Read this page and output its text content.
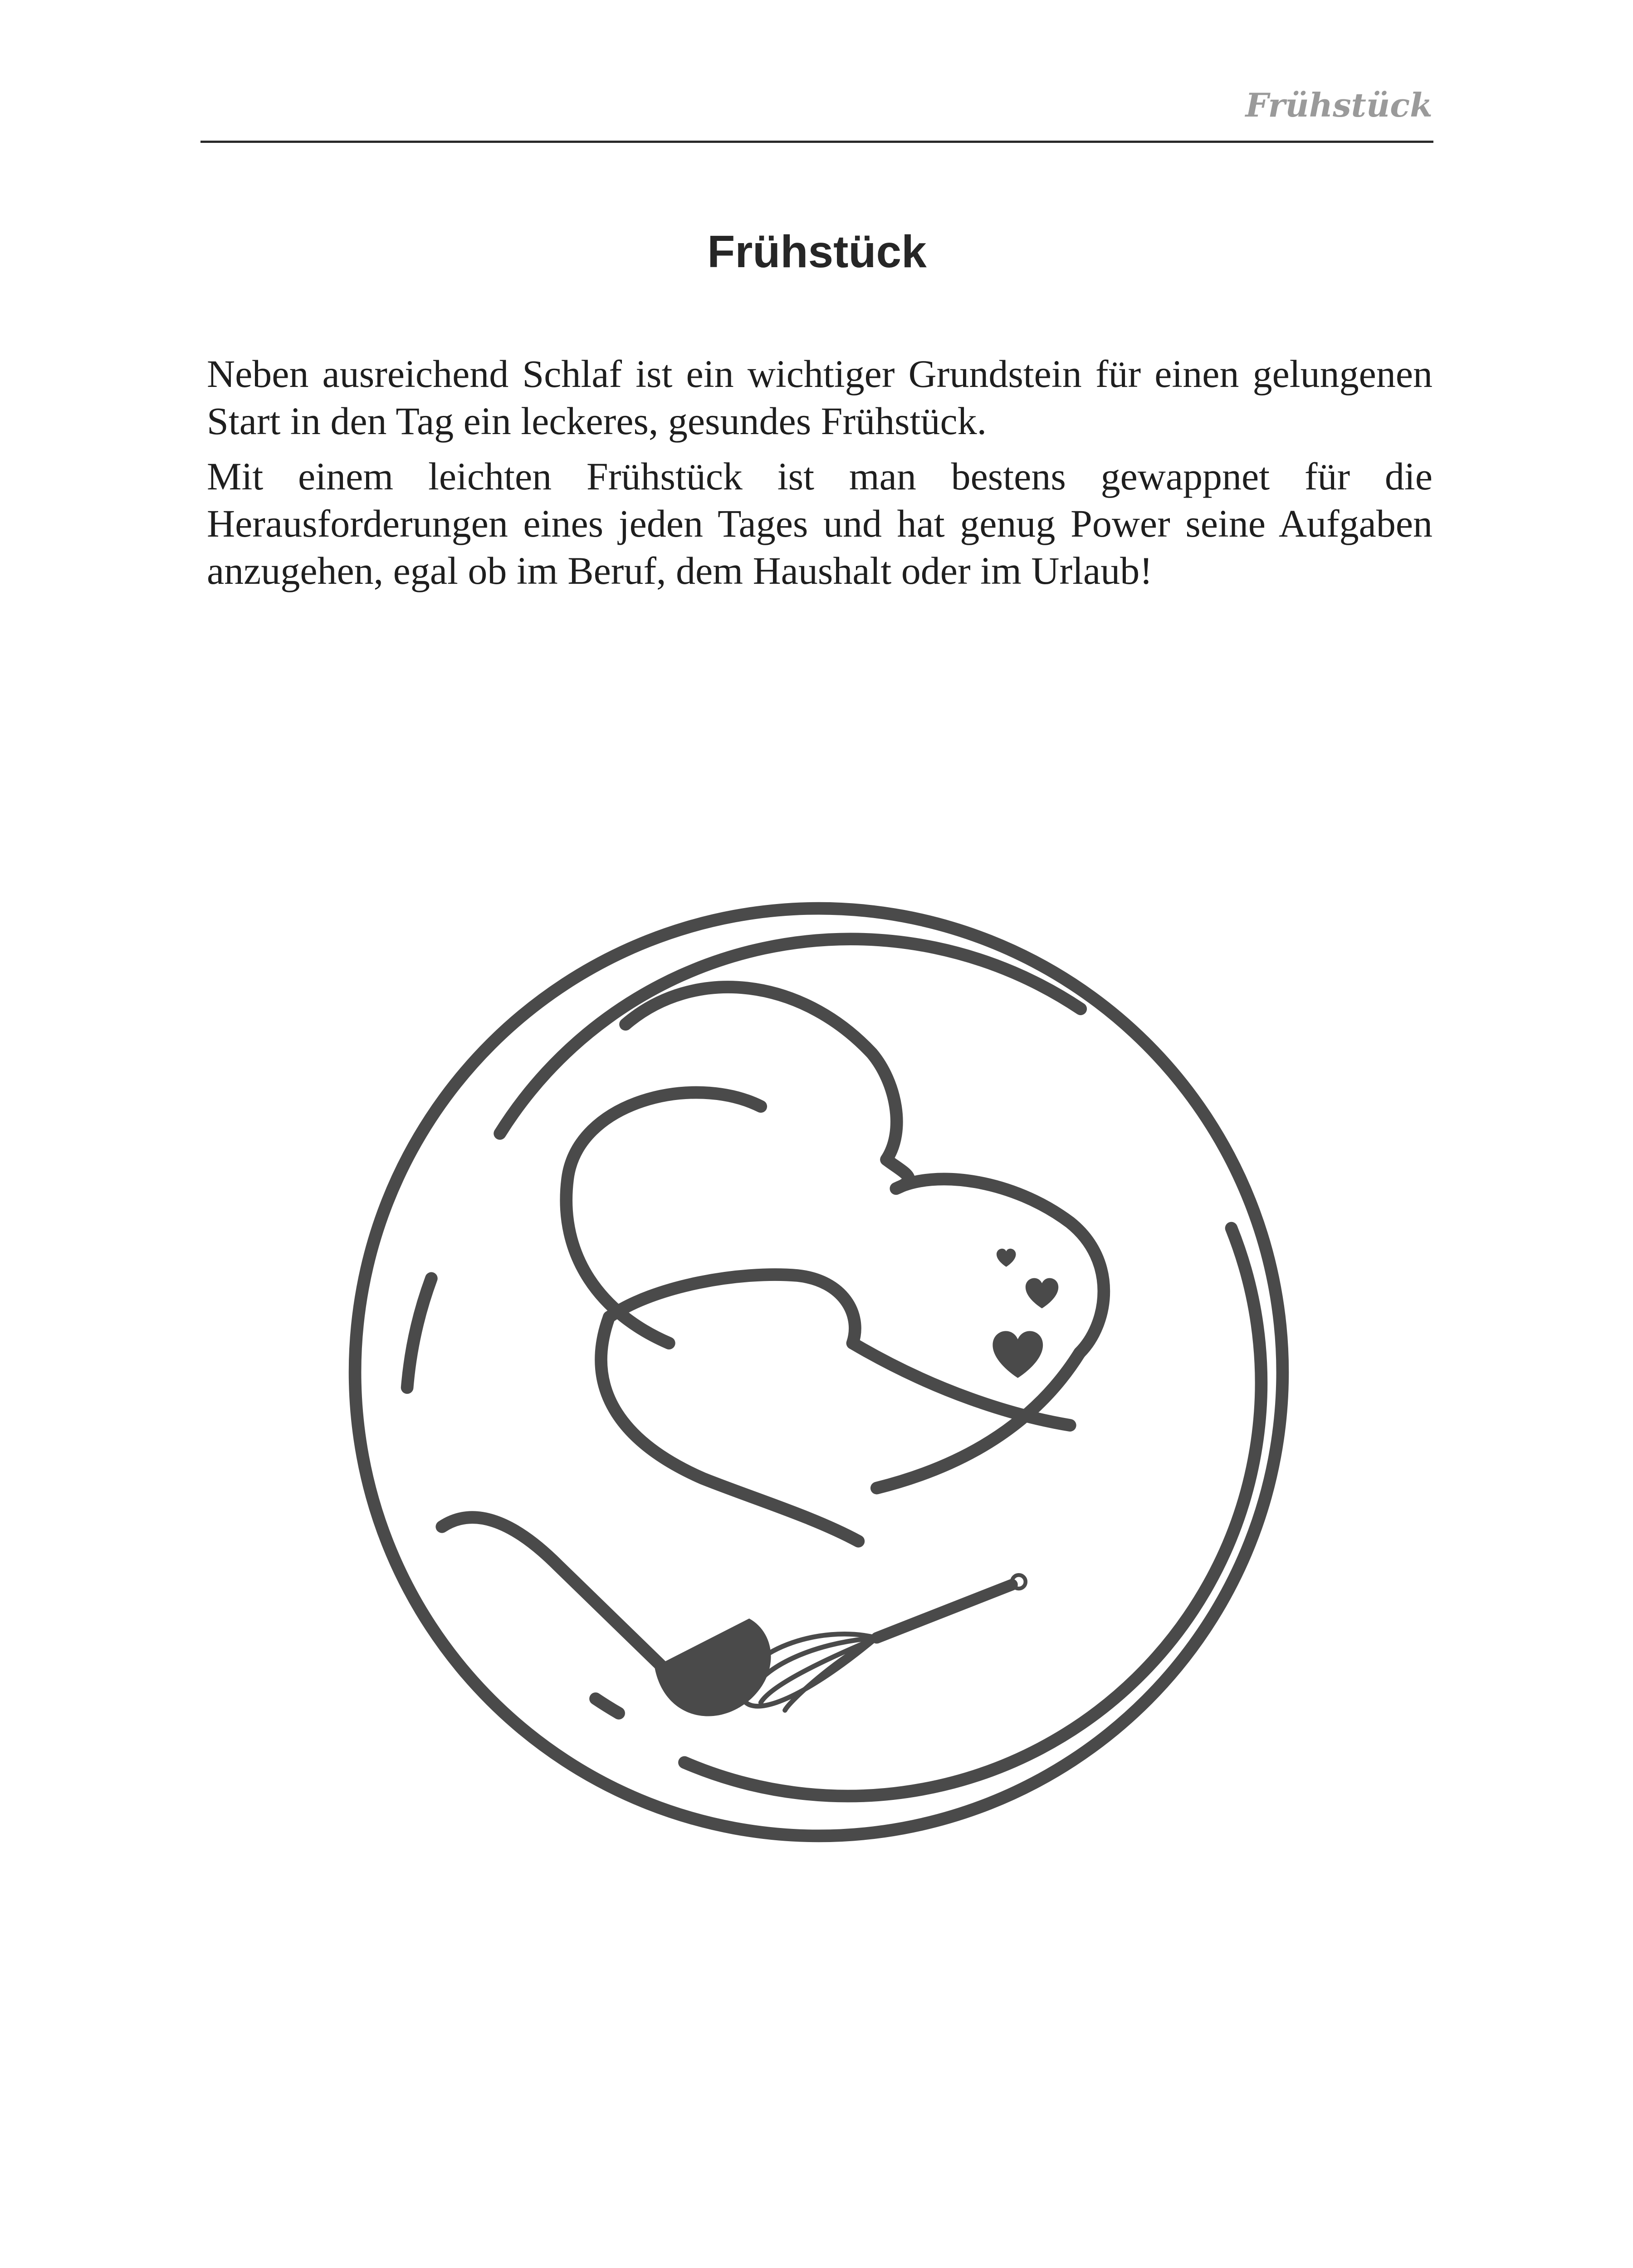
Frühstück
Frühstück

Neben ausreichend Schlaf ist ein wichtiger Grundstein für einen gelungenen Start in den Tag ein leckeres, gesundes Frühstück.

Mit einem leichten Frühstück ist man bestens gewappnet für die Herausforderungen eines jeden Tages und hat genug Power seine Aufgaben anzugehen, egal ob im Beruf, dem Haushalt oder im Urlaub!
